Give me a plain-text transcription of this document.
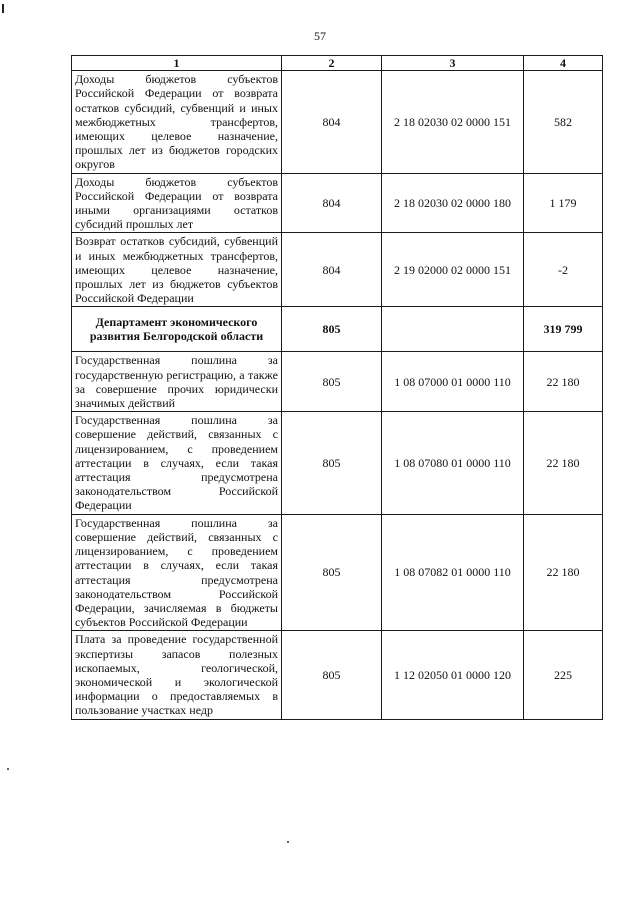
57
1	2	3	4
Доходы бюджетов субъектов Российской Федерации от возврата остатков субсидий, субвенций и иных межбюджетных трансфертов, имеющих целевое назначение, прошлых лет из бюджетов городских округов	804	2 18 02030 02 0000 151	582
Доходы бюджетов субъектов Российской Федерации от возврата иными организациями остатков субсидий прошлых лет	804	2 18 02030 02 0000 180	1 179
Возврат остатков субсидий, субвенций и иных межбюджетных трансфертов, имеющих целевое назначение, прошлых лет из бюджетов субъектов Российской Федерации	804	2 19 02000 02 0000 151	-2
Департамент экономического развития Белгородской области	805		319 799
Государственная пошлина за государственную регистрацию, а также за совершение прочих юридически значимых действий	805	1 08 07000 01 0000 110	22 180
Государственная пошлина за совершение действий, связанных с лицензированием, с проведением аттестации в случаях, если такая аттестация предусмотрена законодательством Российской Федерации	805	1 08 07080 01 0000 110	22 180
Государственная пошлина за совершение действий, связанных с лицензированием, с проведением аттестации в случаях, если такая аттестация предусмотрена законодательством Российской Федерации, зачисляемая в бюджеты субъектов Российской Федерации	805	1 08 07082 01 0000 110	22 180
Плата за проведение государственной экспертизы запасов полезных ископаемых, геологической, экономической и экологической информации о предоставляемых в пользование участках недр	805	1 12 02050 01 0000 120	225
